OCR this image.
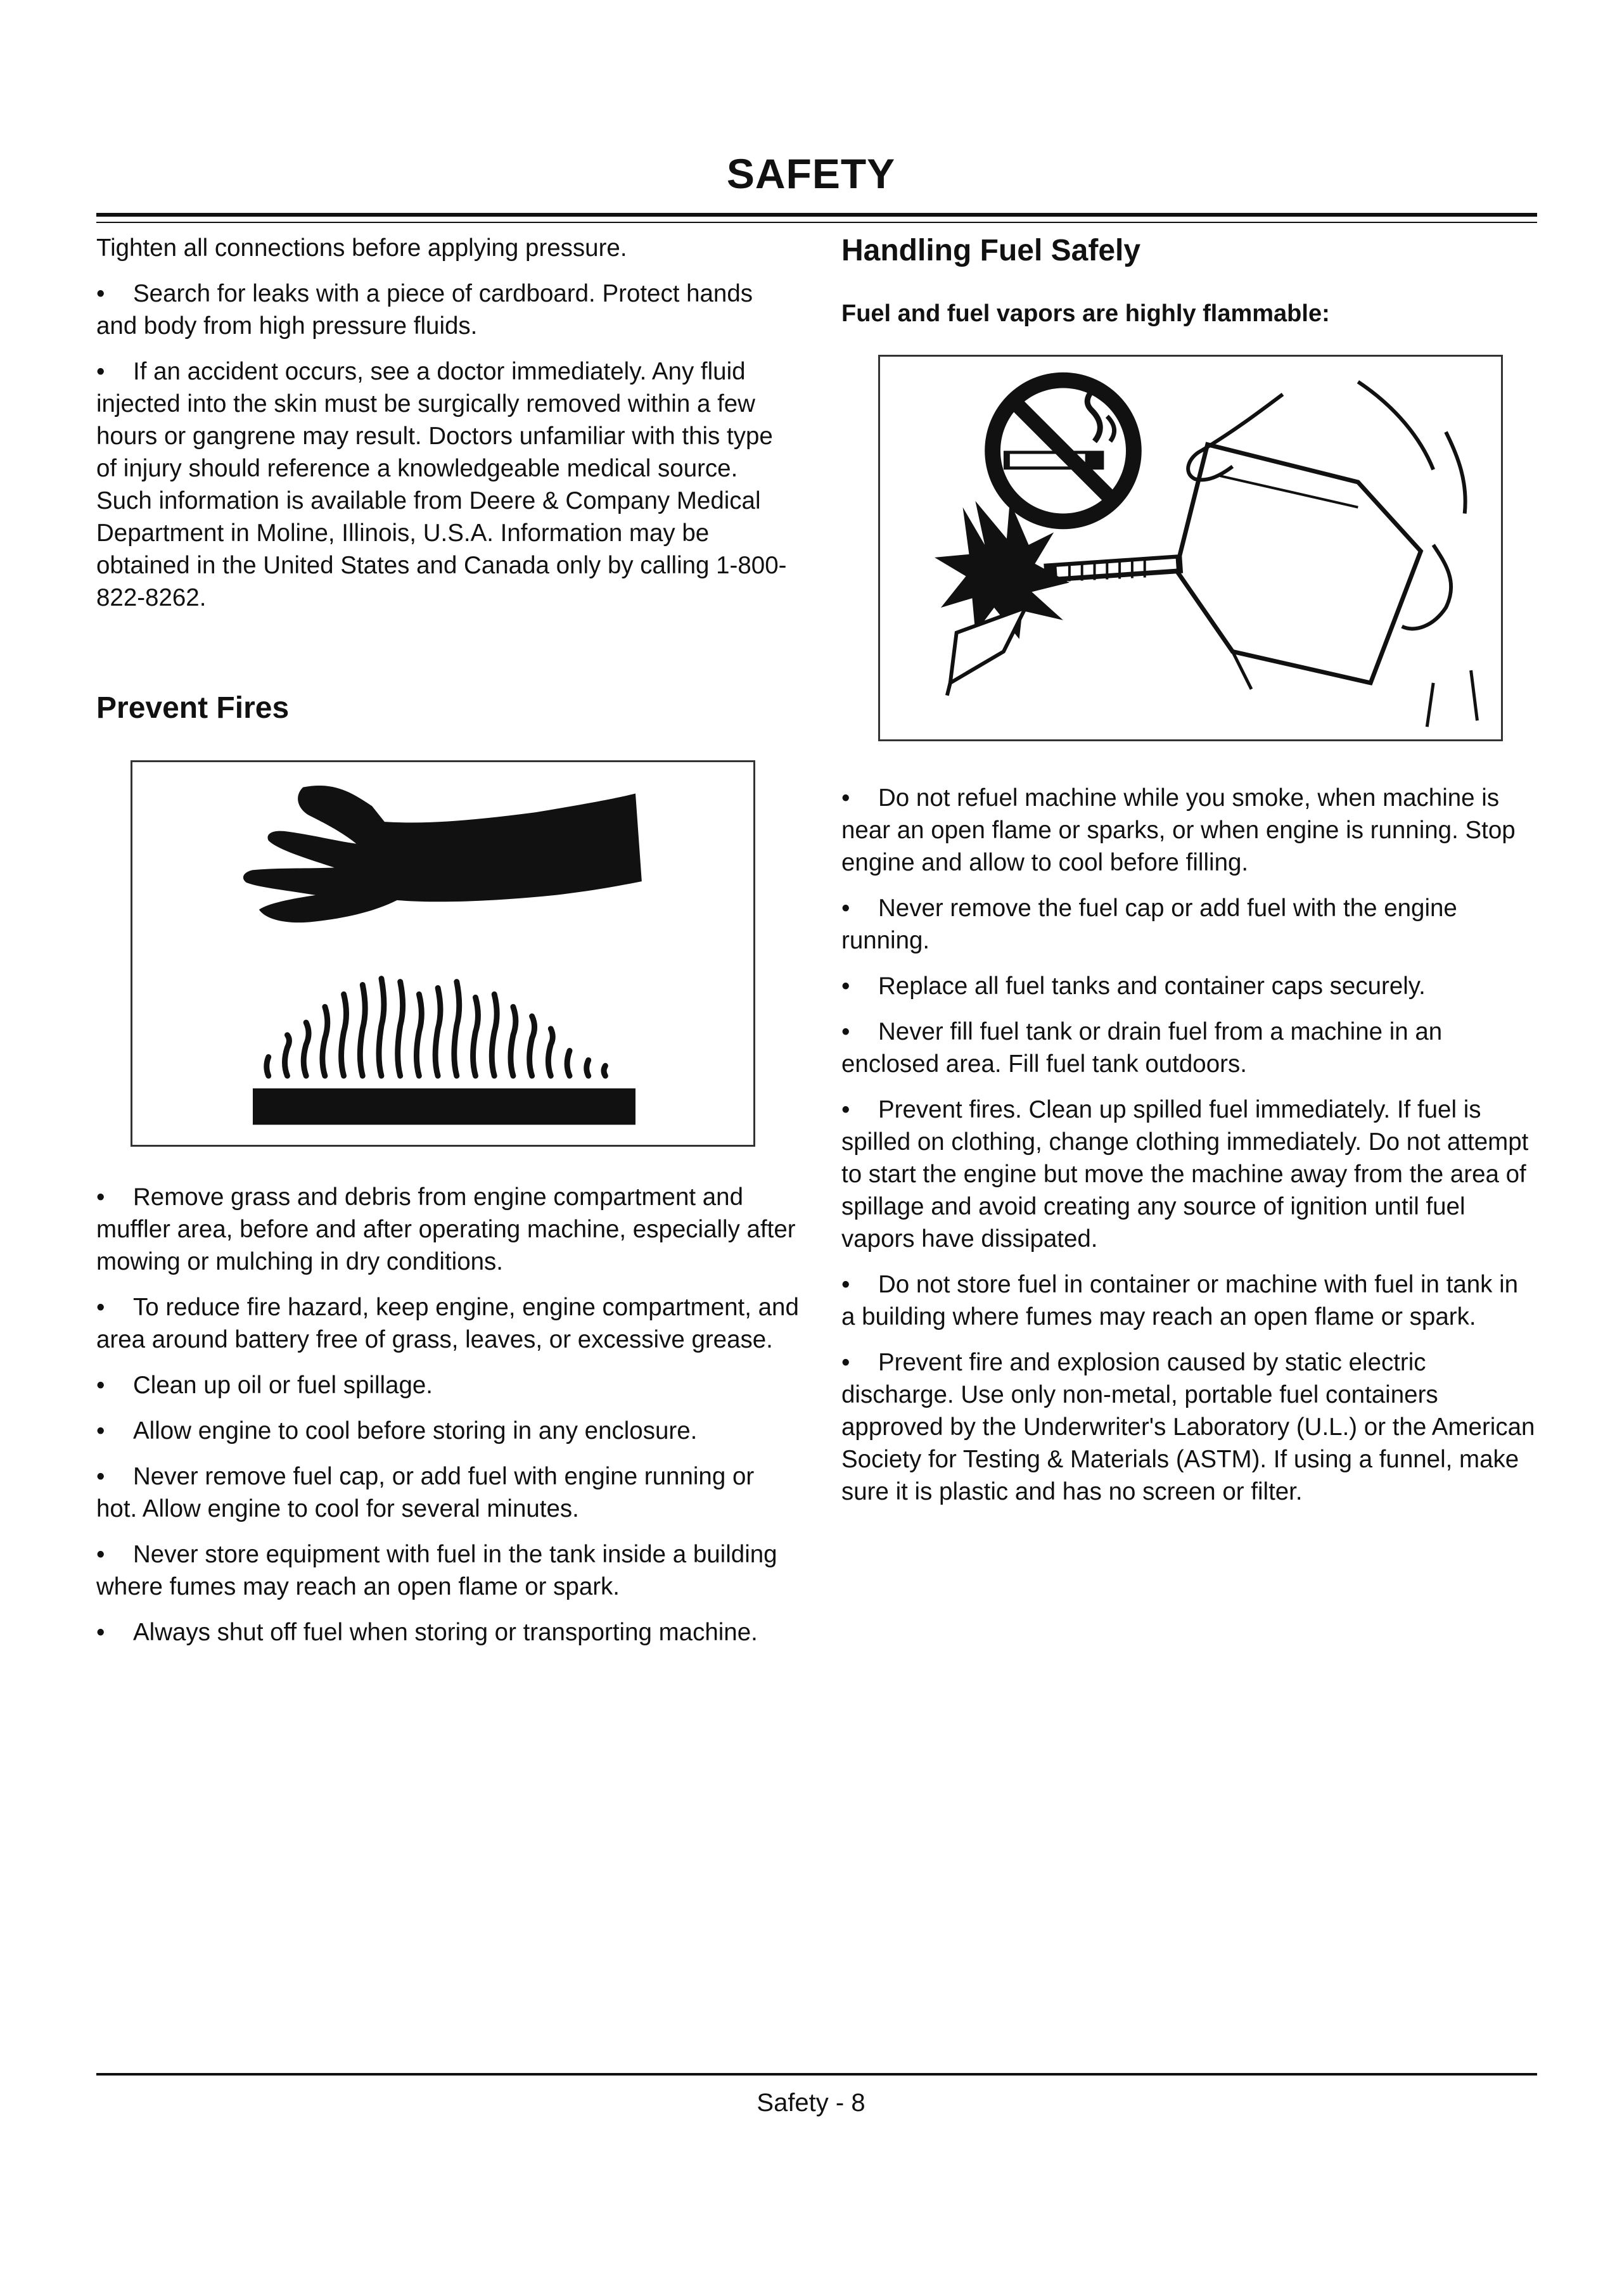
SAFETY

Tighten all connections before applying pressure.

• Search for leaks with a piece of cardboard. Protect hands and body from high pressure fluids.

• If an accident occurs, see a doctor immediately. Any fluid injected into the skin must be surgically removed within a few hours or gangrene may result. Doctors unfamiliar with this type of injury should reference a knowledgeable medical source. Such information is available from Deere & Company Medical Department in Moline, Illinois, U.S.A. Information may be obtained in the United States and Canada only by calling 1-800-822-8262.

Prevent Fires

• Remove grass and debris from engine compartment and muffler area, before and after operating machine, especially after mowing or mulching in dry conditions.

• To reduce fire hazard, keep engine, engine compartment, and area around battery free of grass, leaves, or excessive grease.

• Clean up oil or fuel spillage.

• Allow engine to cool before storing in any enclosure.

• Never remove fuel cap, or add fuel with engine running or hot. Allow engine to cool for several minutes.

• Never store equipment with fuel in the tank inside a building where fumes may reach an open flame or spark.

• Always shut off fuel when storing or transporting machine.

Handling Fuel Safely
Fuel and fuel vapors are highly flammable:

• Do not refuel machine while you smoke, when machine is near an open flame or sparks, or when engine is running. Stop engine and allow to cool before filling.

• Never remove the fuel cap or add fuel with the engine running.

• Replace all fuel tanks and container caps securely.

• Never fill fuel tank or drain fuel from a machine in an enclosed area. Fill fuel tank outdoors.

• Prevent fires. Clean up spilled fuel immediately. If fuel is spilled on clothing, change clothing immediately. Do not attempt to start the engine but move the machine away from the area of spillage and avoid creating any source of ignition until fuel vapors have dissipated.

• Do not store fuel in container or machine with fuel in tank in a building where fumes may reach an open flame or spark.

• Prevent fire and explosion caused by static electric discharge. Use only non-metal, portable fuel containers approved by the Underwriter's Laboratory (U.L.) or the American Society for Testing & Materials (ASTM). If using a funnel, make sure it is plastic and has no screen or filter.

Safety - 8
